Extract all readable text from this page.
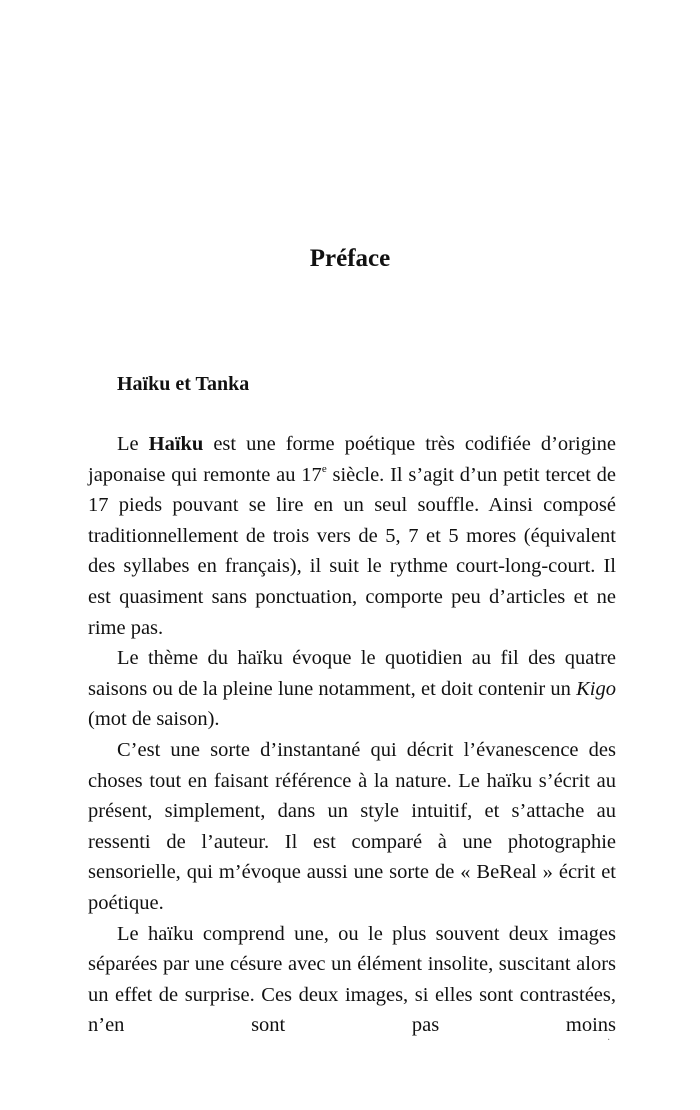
Préface
Haïku et Tanka

Le Haïku est une forme poétique très codifiée d’origine japonaise qui remonte au 17e siècle. Il s’agit d’un petit tercet de 17 pieds pouvant se lire en un seul souffle. Ainsi composé traditionnellement de trois vers de 5, 7 et 5 mores (équivalent des syllabes en français), il suit le rythme court-long-court. Il est quasiment sans ponctuation, comporte peu d’articles et ne rime pas.

Le thème du haïku évoque le quotidien au fil des quatre saisons ou de la pleine lune notamment, et doit contenir un Kigo (mot de saison).

C’est une sorte d’instantané qui décrit l’évanescence des choses tout en faisant référence à la nature. Le haïku s’écrit au présent, simplement, dans un style intuitif, et s’attache au ressenti de l’auteur. Il est comparé à une photographie sensorielle, qui m’évoque aussi une sorte de « BeReal » écrit et poétique.

Le haïku comprend une, ou le plus souvent deux images séparées par une césure avec un élément insolite, suscitant alors un effet de surprise. Ces deux images, si elles sont contrastées, n’en sont pas moins

·
